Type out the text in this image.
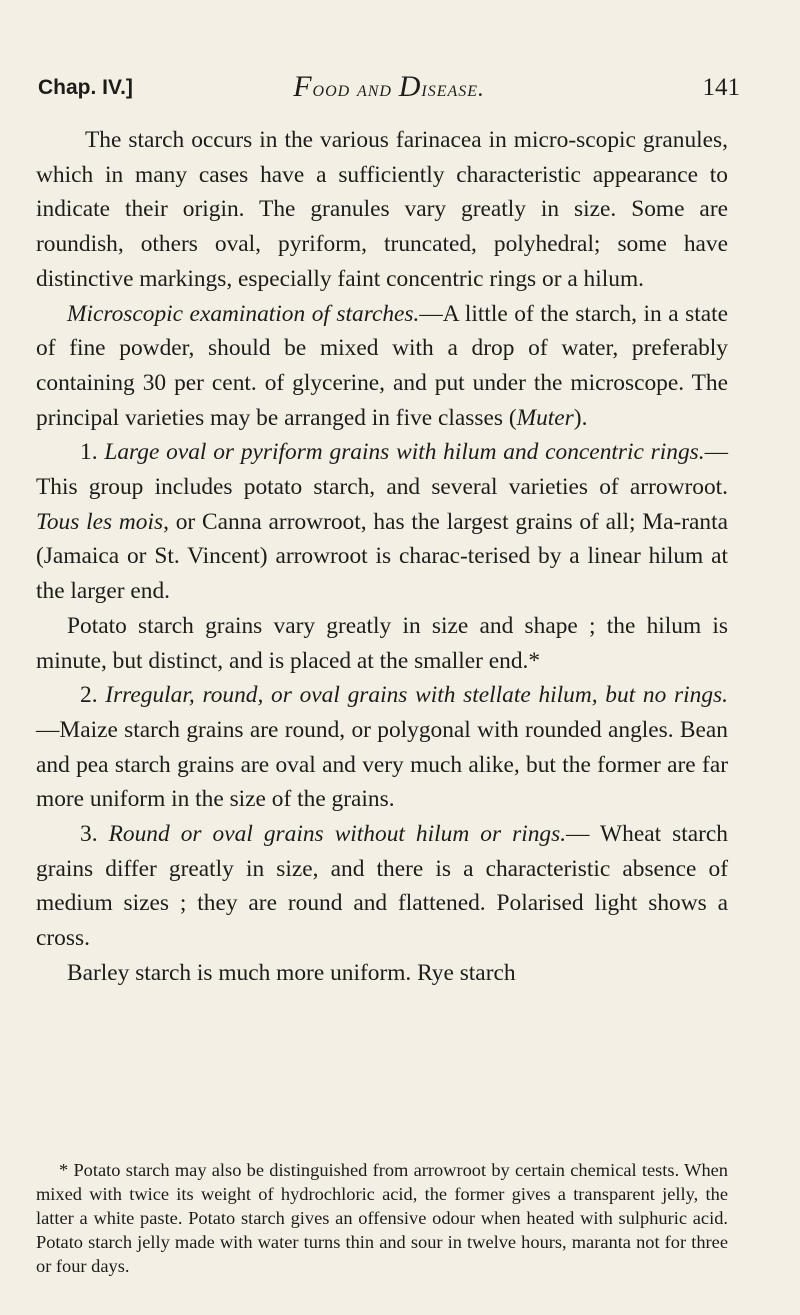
Chap. IV.]	Food and Disease.	141

The starch occurs in the various farinacea in micro-scopic granules, which in many cases have a sufficiently characteristic appearance to indicate their origin. The granules vary greatly in size. Some are roundish, others oval, pyriform, truncated, polyhedral; some have distinctive markings, especially faint concentric rings or a hilum.

Microscopic examination of starches.—A little of the starch, in a state of fine powder, should be mixed with a drop of water, preferably containing 30 per cent. of glycerine, and put under the microscope. The principal varieties may be arranged in five classes (Muter).

1. Large oval or pyriform grains with hilum and concentric rings.—This group includes potato starch, and several varieties of arrowroot. Tous les mois, or Canna arrowroot, has the largest grains of all; Ma-ranta (Jamaica or St. Vincent) arrowroot is charac-terised by a linear hilum at the larger end.

Potato starch grains vary greatly in size and shape ; the hilum is minute, but distinct, and is placed at the smaller end.*

2. Irregular, round, or oval grains with stellate hilum, but no rings.—Maize starch grains are round, or polygonal with rounded angles. Bean and pea starch grains are oval and very much alike, but the former are far more uniform in the size of the grains.

3. Round or oval grains without hilum or rings.— Wheat starch grains differ greatly in size, and there is a characteristic absence of medium sizes ; they are round and flattened. Polarised light shows a cross.

Barley starch is much more uniform. Rye starch

* Potato starch may also be distinguished from arrowroot by certain chemical tests. When mixed with twice its weight of hydrochloric acid, the former gives a transparent jelly, the latter a white paste. Potato starch gives an offensive odour when heated with sulphuric acid. Potato starch jelly made with water turns thin and sour in twelve hours, maranta not for three or four days.
